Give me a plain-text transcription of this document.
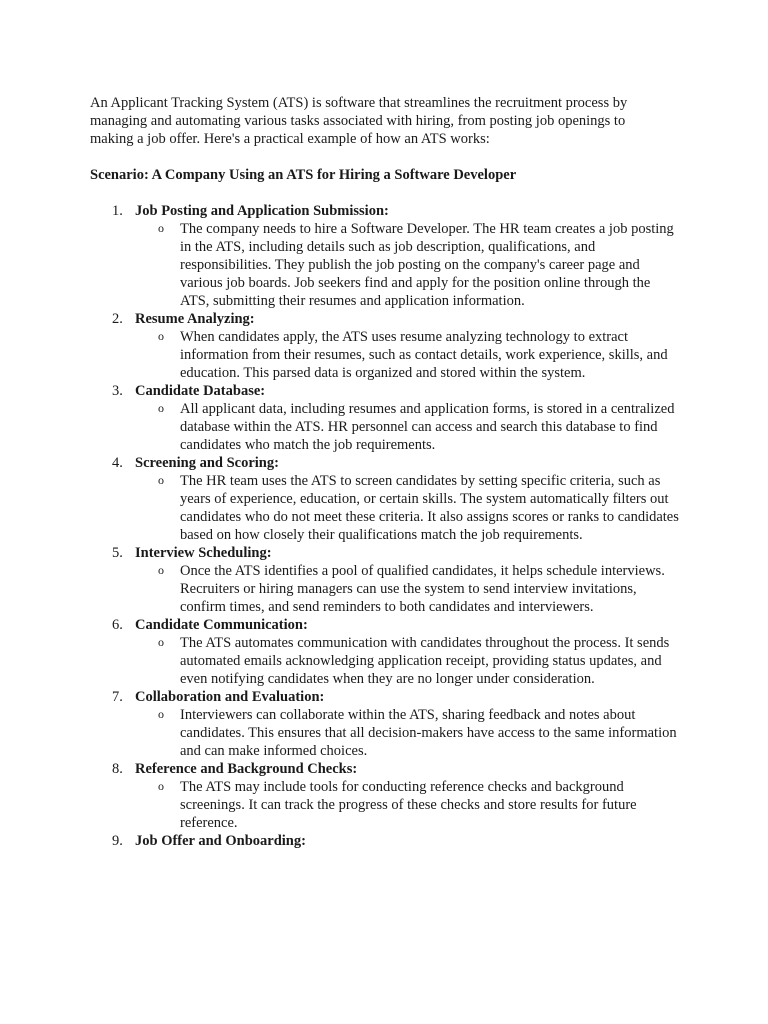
An Applicant Tracking System (ATS) is software that streamlines the recruitment process by managing and automating various tasks associated with hiring, from posting job openings to making a job offer. Here's a practical example of how an ATS works:

Scenario: A Company Using an ATS for Hiring a Software Developer

1. Job Posting and Application Submission:
o The company needs to hire a Software Developer. The HR team creates a job posting in the ATS, including details such as job description, qualifications, and responsibilities. They publish the job posting on the company's career page and various job boards. Job seekers find and apply for the position online through the ATS, submitting their resumes and application information.
2. Resume Analyzing:
o When candidates apply, the ATS uses resume analyzing technology to extract information from their resumes, such as contact details, work experience, skills, and education. This parsed data is organized and stored within the system.
3. Candidate Database:
o All applicant data, including resumes and application forms, is stored in a centralized database within the ATS. HR personnel can access and search this database to find candidates who match the job requirements.
4. Screening and Scoring:
o The HR team uses the ATS to screen candidates by setting specific criteria, such as years of experience, education, or certain skills. The system automatically filters out candidates who do not meet these criteria. It also assigns scores or ranks to candidates based on how closely their qualifications match the job requirements.
5. Interview Scheduling:
o Once the ATS identifies a pool of qualified candidates, it helps schedule interviews. Recruiters or hiring managers can use the system to send interview invitations, confirm times, and send reminders to both candidates and interviewers.
6. Candidate Communication:
o The ATS automates communication with candidates throughout the process. It sends automated emails acknowledging application receipt, providing status updates, and even notifying candidates when they are no longer under consideration.
7. Collaboration and Evaluation:
o Interviewers can collaborate within the ATS, sharing feedback and notes about candidates. This ensures that all decision-makers have access to the same information and can make informed choices.
8. Reference and Background Checks:
o The ATS may include tools for conducting reference checks and background screenings. It can track the progress of these checks and store results for future reference.
9. Job Offer and Onboarding:
